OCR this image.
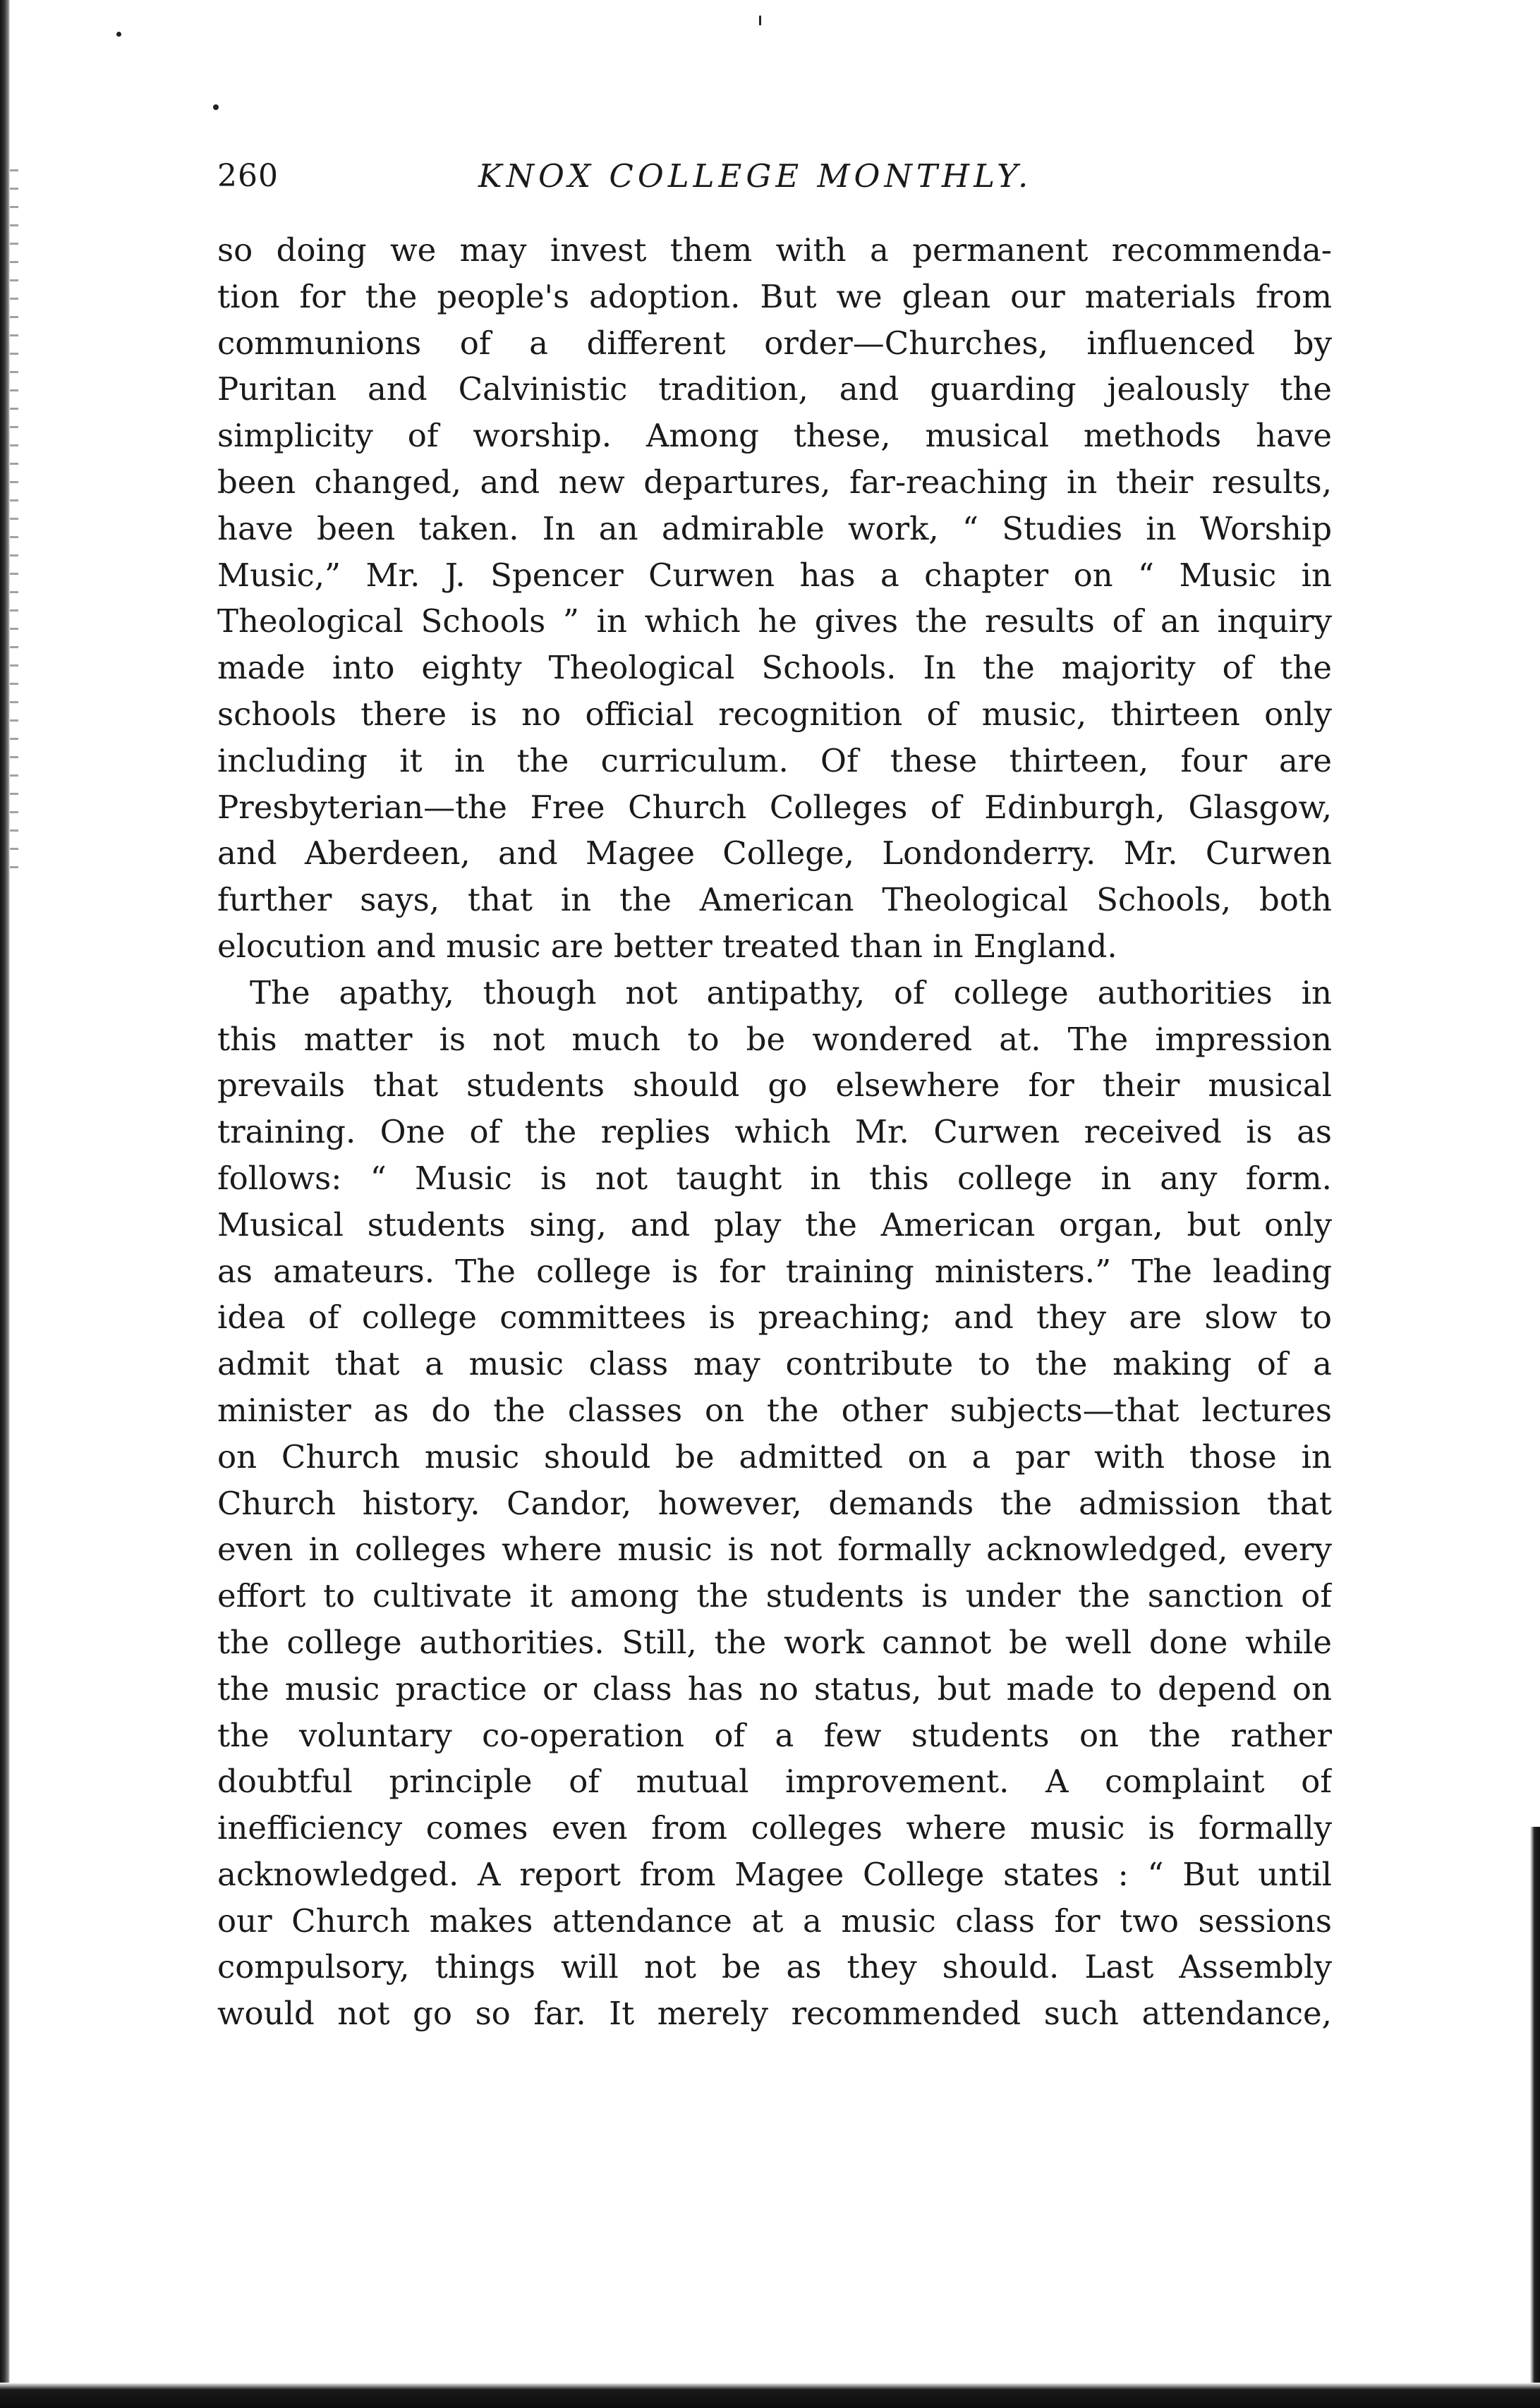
260	KNOX COLLEGE MONTHLY.
so doing we may invest them with a permanent recommenda-
tion for the people's adoption. But we glean our materials from
communions of a different order—Churches, influenced by
Puritan and Calvinistic tradition, and guarding jealously the
simplicity of worship. Among these, musical methods have
been changed, and new departures, far-reaching in their results,
have been taken. In an admirable work, “ Studies in Worship
Music,” Mr. J. Spencer Curwen has a chapter on “ Music in
Theological Schools ” in which he gives the results of an inquiry
made into eighty Theological Schools. In the majority of the
schools there is no official recognition of music, thirteen only
including it in the curriculum. Of these thirteen, four are
Presbyterian—the Free Church Colleges of Edinburgh, Glasgow,
and Aberdeen, and Magee College, Londonderry. Mr. Curwen
further says, that in the American Theological Schools, both
elocution and music are better treated than in England.
The apathy, though not antipathy, of college authorities in
this matter is not much to be wondered at. The impression
prevails that students should go elsewhere for their musical
training. One of the replies which Mr. Curwen received is as
follows: “ Music is not taught in this college in any form.
Musical students sing, and play the American organ, but only
as amateurs. The college is for training ministers.” The leading
idea of college committees is preaching; and they are slow to
admit that a music class may contribute to the making of a
minister as do the classes on the other subjects—that lectures
on Church music should be admitted on a par with those in
Church history. Candor, however, demands the admission that
even in colleges where music is not formally acknowledged, every
effort to cultivate it among the students is under the sanction of
the college authorities. Still, the work cannot be well done while
the music practice or class has no status, but made to depend on
the voluntary co-operation of a few students on the rather
doubtful principle of mutual improvement. A complaint of
inefficiency comes even from colleges where music is formally
acknowledged. A report from Magee College states : “ But until
our Church makes attendance at a music class for two sessions
compulsory, things will not be as they should. Last Assembly
would not go so far. It merely recommended such attendance,
